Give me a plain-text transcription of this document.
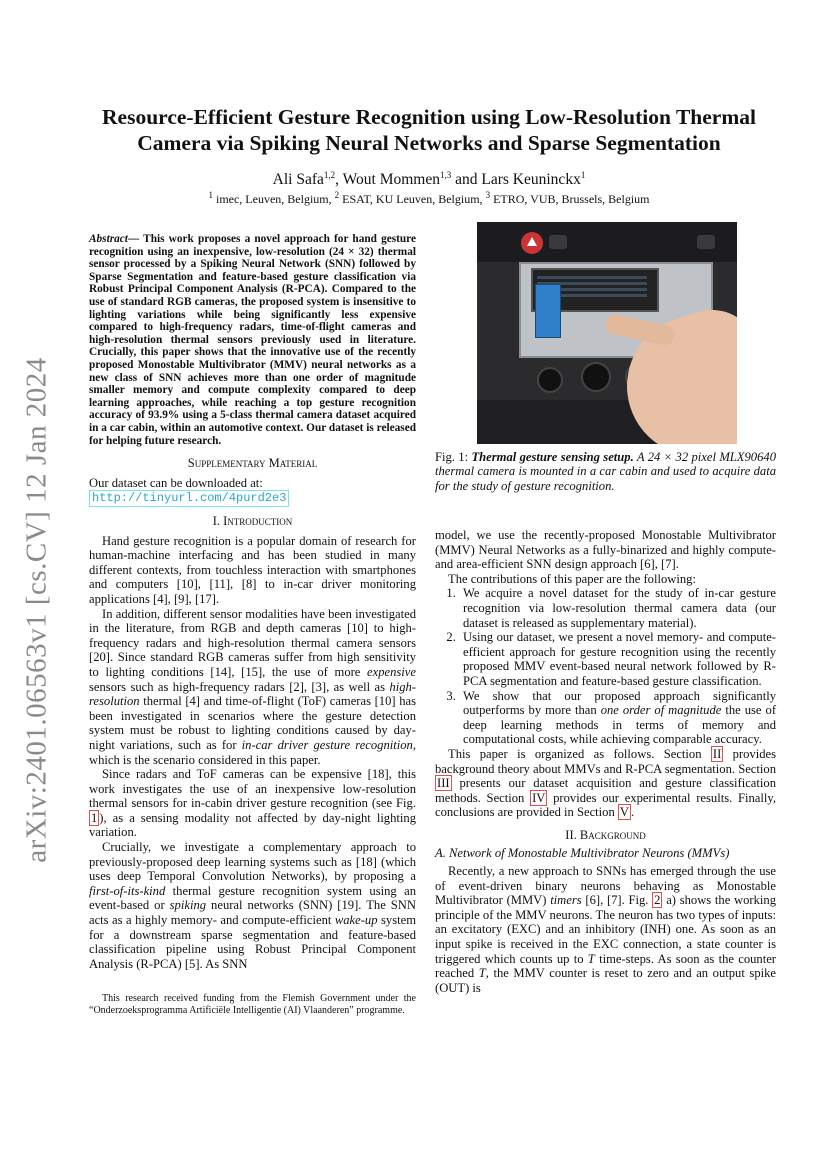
arXiv:2401.06563v1 [cs.CV] 12 Jan 2024
Resource-Efficient Gesture Recognition using Low-Resolution Thermal
Camera via Spiking Neural Networks and Sparse Segmentation
Ali Safa$^{1,2}$, Wout Mommen$^{1,3}$ and Lars Keuninckx$^1$
$^1$ imec, Leuven, Belgium, $^2$ ESAT, KU Leuven, Belgium, $^3$ ETRO, VUB, Brussels, Belgium
Abstract— This work proposes a novel approach for hand gesture recognition using an inexpensive, low-resolution (24 × 32) thermal sensor processed by a Spiking Neural Network (SNN) followed by Sparse Segmentation and feature-based gesture classification via Robust Principal Component Analysis (R-PCA). Compared to the use of standard RGB cameras, the proposed system is insensitive to lighting variations while being significantly less expensive compared to high-frequency radars, time-of-flight cameras and high-resolution thermal sensors previously used in literature. Crucially, this paper shows that the innovative use of the recently proposed Monostable Multivibrator (MMV) neural networks as a new class of SNN achieves more than one order of magnitude smaller memory and compute complexity compared to deep learning approaches, while reaching a top gesture recognition accuracy of 93.9% using a 5-class thermal camera dataset acquired in a car cabin, within an automotive context. Our dataset is released for helping future research.
Supplementary Material
Our dataset can be downloaded at:
http://tinyurl.com/4purd2e3
I. Introduction

Hand gesture recognition is a popular domain of research for human-machine interfacing and has been studied in many different contexts, from touchless interaction with smartphones and computers [10], [11], [8] to in-car driver monitoring applications [4], [9], [17].

In addition, different sensor modalities have been investigated in the literature, from RGB and depth cameras [10] to high-frequency radars and high-resolution thermal camera sensors [20]. Since standard RGB cameras suffer from high sensitivity to lighting conditions [14], [15], the use of more expensive sensors such as high-frequency radars [2], [3], as well as high-resolution thermal [4] and time-of-flight (ToF) cameras [10] has been investigated in scenarios where the gesture detection system must be robust to lighting conditions caused by day-night variations, such as for in-car driver gesture recognition, which is the scenario considered in this paper.

Since radars and ToF cameras can be expensive [18], this work investigates the use of an inexpensive low-resolution thermal sensors for in-cabin driver gesture recognition (see Fig. 1 ), as a sensing modality not affected by day-night lighting variation.

Crucially, we investigate a complementary approach to previously-proposed deep learning systems such as [18] (which uses deep Temporal Convolution Networks), by proposing a first-of-its-kind thermal gesture recognition system using an event-based or spiking neural networks (SNN) [19]. The SNN acts as a highly memory- and compute-efficient wake-up system for a downstream sparse segmentation and feature-based classification pipeline using Robust Principal Component Analysis (R-PCA) [5]. As SNN

This research received funding from the Flemish Government under the “Onderzoeksprogramma Artificiële Intelligentie (AI) Vlaanderen” programme.

Fig. 1: Thermal gesture sensing setup. A 24 × 32 pixel MLX90640 thermal camera is mounted in a car cabin and used to acquire data for the study of gesture recognition.

model, we use the recently-proposed Monostable Multivibrator (MMV) Neural Networks as a fully-binarized and highly compute- and area-efficient SNN design approach [6], [7].

The contributions of this paper are the following:

1. We acquire a novel dataset for the study of in-car gesture recognition via low-resolution thermal camera data (our dataset is released as supplementary material).
2. Using our dataset, we present a novel memory- and compute-efficient approach for gesture recognition using the recently proposed MMV event-based neural network followed by R-PCA segmentation and feature-based gesture classification.
3. We show that our proposed approach significantly outperforms by more than one order of magnitude the use of deep learning methods in terms of memory and computational costs, while achieving comparable accuracy.

This paper is organized as follows. Section II provides background theory about MMVs and R-PCA segmentation. Section III presents our dataset acquisition and gesture classification methods. Section IV provides our experimental results. Finally, conclusions are provided in Section V .

II. Background
A. Network of Monostable Multivibrator Neurons (MMVs)

Recently, a new approach to SNNs has emerged through the use of event-driven binary neurons behaving as Monostable Multivibrator (MMV) timers [6], [7]. Fig. 2 a) shows the working principle of the MMV neurons. The neuron has two types of inputs: an excitatory (EXC) and an inhibitory (INH) one. As soon as an input spike is received in the EXC connection, a state counter is triggered which counts up to T time-steps. As soon as the counter reached T, the MMV counter is reset to zero and an output spike (OUT) is
